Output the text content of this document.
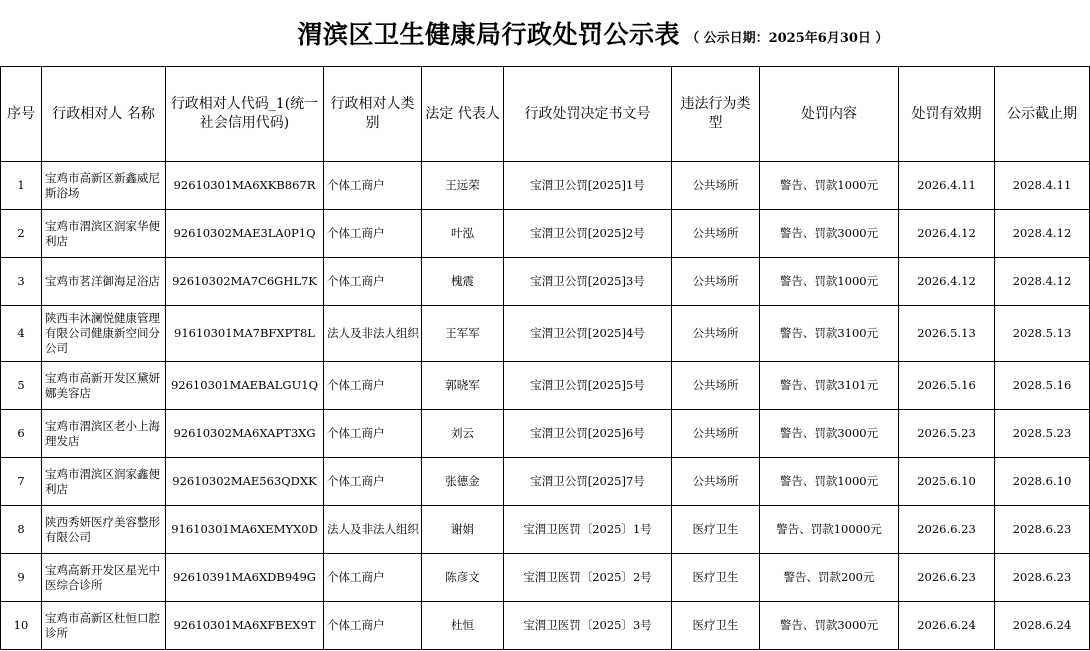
渭滨区卫生健康局行政处罚公示表 （ 公示日期：2025年6月30日 ）
序号	行政相对人 名称	行政相对人代码_1(统一社会信用代码)	行政相对人类别	法定 代表人	行政处罚决定书文号	违法行为类型	处罚内容	处罚有效期	公示截止期
1	宝鸡市高新区新鑫威尼斯浴场	92610301MA6XKB867R	个体工商户	王远荣	宝渭卫公罚[2025]1号	公共场所	警告、罚款1000元	2026.4.11	2028.4.11
2	宝鸡市渭滨区润家华便利店	92610302MAE3LA0P1Q	个体工商户	叶泓	宝渭卫公罚[2025]2号	公共场所	警告、罚款3000元	2026.4.12	2028.4.12
3	宝鸡市茗洋御海足浴店	92610302MA7C6GHL7K	个体工商户	槐震	宝渭卫公罚[2025]3号	公共场所	警告、罚款1000元	2026.4.12	2028.4.12
4	陕西丰沐澜悦健康管理有限公司健康新空间分公司	91610301MA7BFXPT8L	法人及非法人组织	王军军	宝渭卫公罚[2025]4号	公共场所	警告、罚款3100元	2026.5.13	2028.5.13
5	宝鸡市高新开发区黛妍娜美容店	92610301MAEBALGU1Q	个体工商户	郭晓军	宝渭卫公罚[2025]5号	公共场所	警告、罚款3101元	2026.5.16	2028.5.16
6	宝鸡市渭滨区老小上海理发店	92610302MA6XAPT3XG	个体工商户	刘云	宝渭卫公罚[2025]6号	公共场所	警告、罚款3000元	2026.5.23	2028.5.23
7	宝鸡市渭滨区润家鑫便利店	92610302MAE563QDXK	个体工商户	张德金	宝渭卫公罚[2025]7号	公共场所	警告、罚款1000元	2025.6.10	2028.6.10
8	陕西秀妍医疗美容整形有限公司	91610301MA6XEMYX0D	法人及非法人组织	谢娟	宝渭卫医罚〔2025〕1号	医疗卫生	警告、罚款10000元	2026.6.23	2028.6.23
9	宝鸡高新开发区星光中医综合诊所	92610391MA6XDB949G	个体工商户	陈彦文	宝渭卫医罚〔2025〕2号	医疗卫生	警告、罚款200元	2026.6.23	2028.6.23
10	宝鸡市高新区杜恒口腔诊所	92610301MA6XFBEX9T	个体工商户	杜恒	宝渭卫医罚〔2025〕3号	医疗卫生	警告、罚款3000元	2026.6.24	2028.6.24
